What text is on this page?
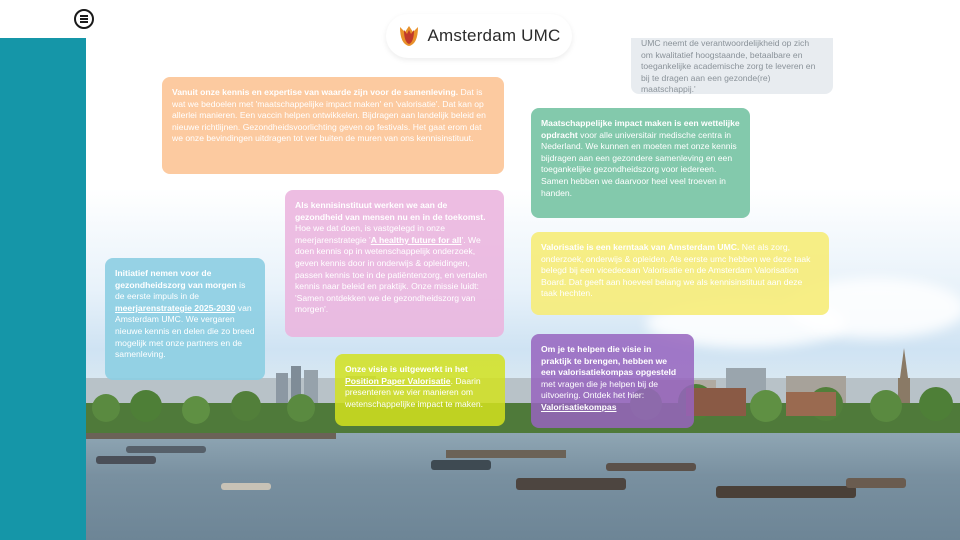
Amsterdam UMC	UMC neemt de verantwoordelijkheid op zich om kwalitatief hoogstaande, betaalbare en toegankelijke academische zorg te leveren en bij te dragen aan een gezonde(re) maatschappij.'
Vanuit onze kennis en expertise van waarde zijn voor de samenleving. Dat is wat we bedoelen met 'maatschappelijke impact maken' en 'valorisatie'. Dat kan op allerlei manieren. Een vaccin helpen ontwikkelen. Bijdragen aan landelijk beleid en nieuwe richtlijnen. Gezondheidsvoorlichting geven op festivals. Het gaat erom dat we onze bevindingen uitdragen tot ver buiten de muren van ons kennisinstituut.
Maatschappelijke impact maken is een wettelijke opdracht voor alle universitair medische centra in Nederland. We kunnen en moeten met onze kennis bijdragen aan een gezondere samenleving en een toegankelijke gezondheidszorg voor iedereen. Samen hebben we daarvoor heel veel troeven in handen.
Als kennisinstituut werken we aan de gezondheid van mensen nu en in de toekomst. Hoe we dat doen, is vastgelegd in onze meerjarenstrategie 'A healthy future for all'. We doen kennis op in wetenschappelijk onderzoek, geven kennis door in onderwijs & opleidingen, passen kennis toe in de patiëntenzorg, en vertalen kennis naar beleid en praktijk. Onze missie luidt: 'Samen ontdekken we de gezondheidszorg van morgen'.
Valorisatie is een kerntaak van Amsterdam UMC. Net als zorg, onderzoek, onderwijs & opleiden. Als eerste umc hebben we deze taak belegd bij een vicedecaan Valorisatie en de Amsterdam Valorisation Board. Dat geeft aan hoeveel belang we als kennisinstituut aan deze taak hechten.
Initiatief nemen voor de gezondheidszorg van morgen is de eerste impuls in de meerjarenstrategie 2025-2030 van Amsterdam UMC. We vergaren nieuwe kennis en delen die zo breed mogelijk met onze partners en de samenleving.
Onze visie is uitgewerkt in het Position Paper Valorisatie. Daarin presenteren we vier manieren om wetenschappelijke impact te maken.
Om je te helpen die visie in praktijk te brengen, hebben we een valorisatiekompas opgesteld met vragen die je helpen bij de uitvoering. Ontdek het hier: Valorisatiekompas
